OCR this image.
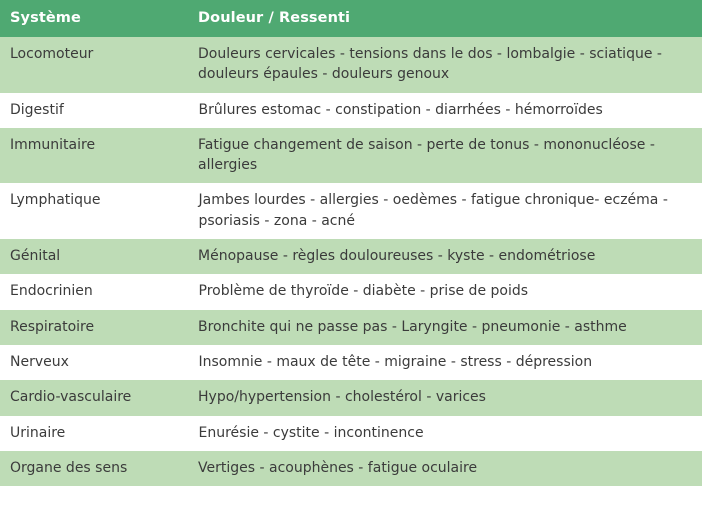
Système	Douleur / Ressenti
Locomoteur	Douleurs cervicales - tensions dans le dos - lombalgie - sciatique - douleurs épaules - douleurs genoux
Digestif	Brûlures estomac - constipation - diarrhées - hémorroïdes
Immunitaire	Fatigue changement de saison - perte de tonus - mononucléose - allergies
Lymphatique	Jambes lourdes - allergies - oedèmes - fatigue chronique- eczéma - psoriasis - zona - acné
Génital	Ménopause - règles douloureuses - kyste - endométriose
Endocrinien	Problème de thyroïde - diabète - prise de poids
Respiratoire	Bronchite qui ne passe pas - Laryngite - pneumonie - asthme
Nerveux	Insomnie - maux de tête - migraine - stress - dépression
Cardio-vasculaire	Hypo/hypertension - cholestérol - varices
Urinaire	Enurésie - cystite - incontinence
Organe des sens	Vertiges - acouphènes - fatigue oculaire
